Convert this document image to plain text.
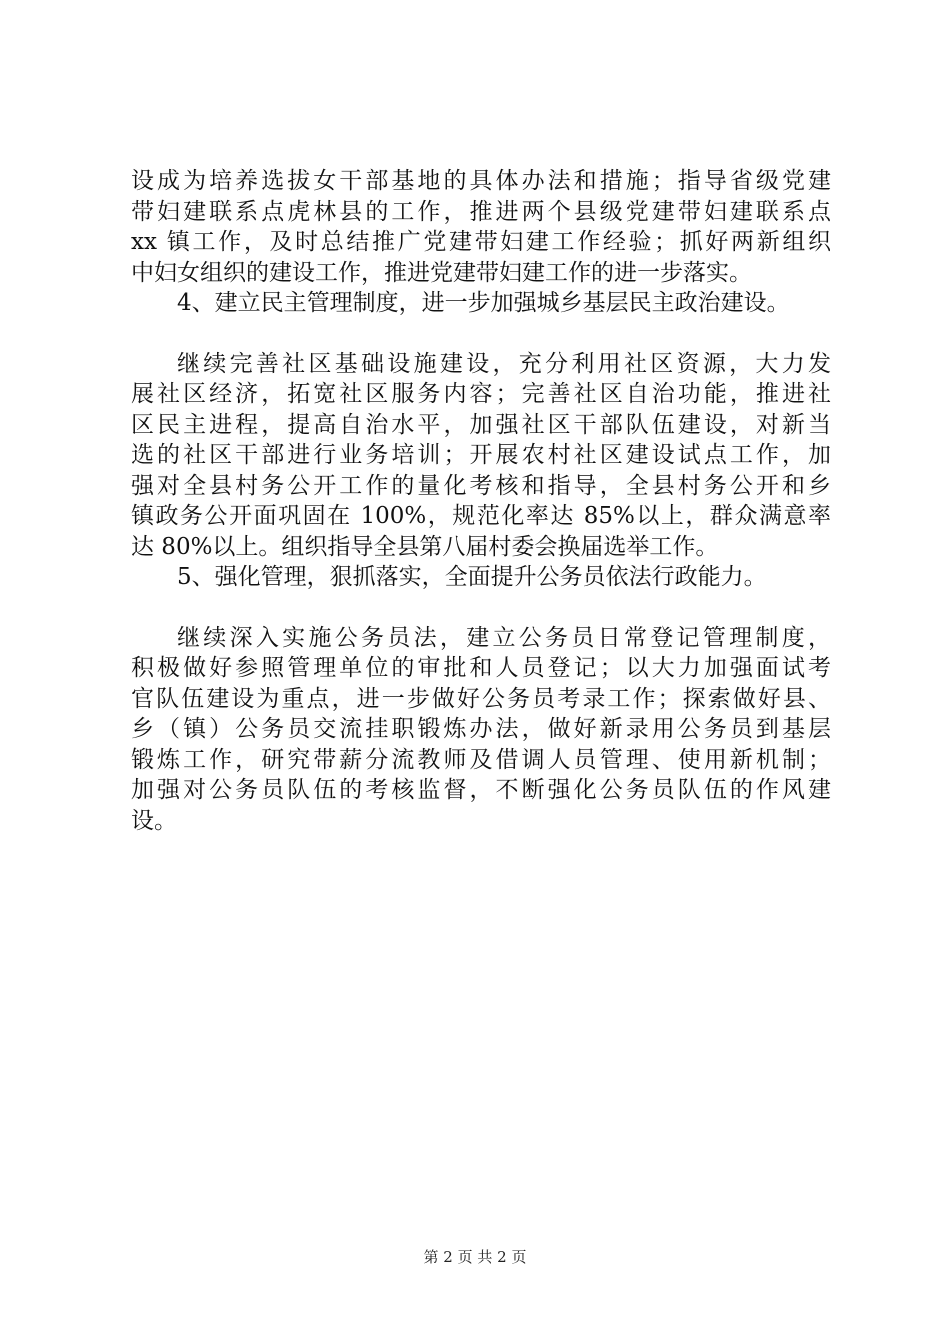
设成为培养选拔女干部基地的具体办法和措施；指导省级党建
带妇建联系点虎林县的工作，推进两个县级党建带妇建联系点
xx 镇工作，及时总结推广党建带妇建工作经验；抓好两新组织
中妇女组织的建设工作，推进党建带妇建工作的进一步落实。
4、建立民主管理制度，进一步加强城乡基层民主政治建设。
继续完善社区基础设施建设，充分利用社区资源，大力发
展社区经济，拓宽社区服务内容；完善社区自治功能，推进社
区民主进程，提高自治水平，加强社区干部队伍建设，对新当
选的社区干部进行业务培训；开展农村社区建设试点工作，加
强对全县村务公开工作的量化考核和指导，全县村务公开和乡
镇政务公开面巩固在 100%，规范化率达 85%以上，群众满意率
达 80%以上。组织指导全县第八届村委会换届选举工作。
5、强化管理，狠抓落实，全面提升公务员依法行政能力。
继续深入实施公务员法，建立公务员日常登记管理制度，
积极做好参照管理单位的审批和人员登记；以大力加强面试考
官队伍建设为重点，进一步做好公务员考录工作；探索做好县、
乡（镇）公务员交流挂职锻炼办法，做好新录用公务员到基层
锻炼工作，研究带薪分流教师及借调人员管理、使用新机制；
加强对公务员队伍的考核监督，不断强化公务员队伍的作风建
设。
第 2 页 共 2 页
